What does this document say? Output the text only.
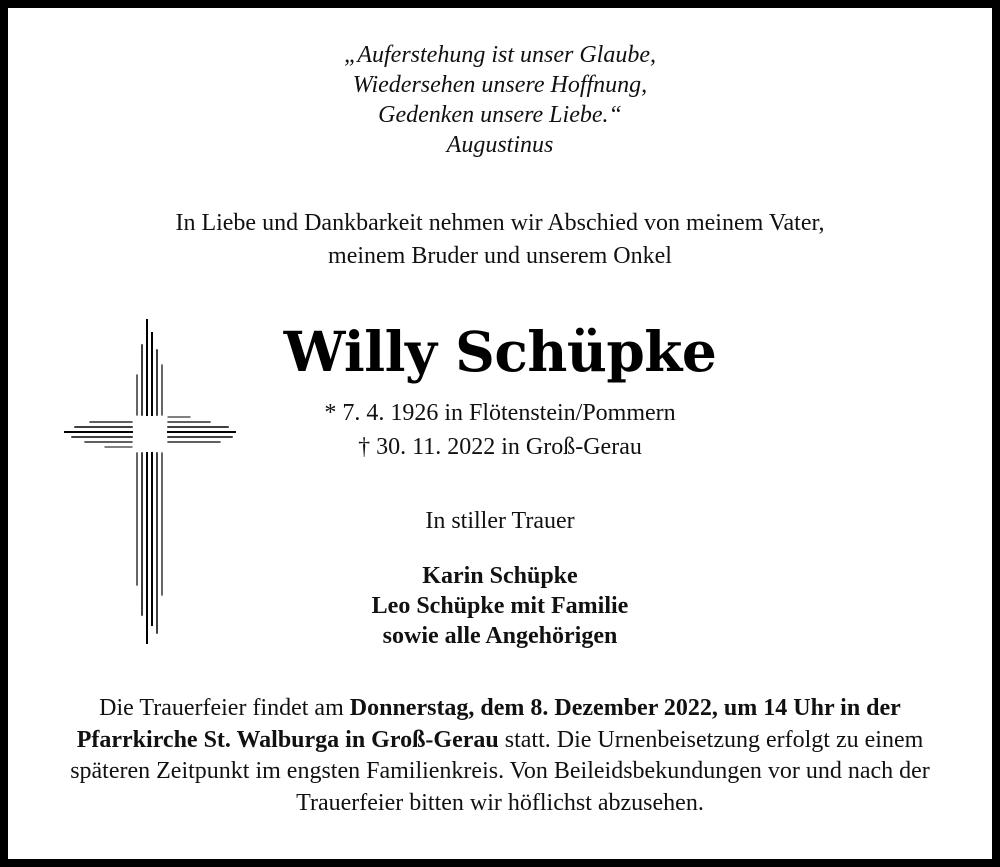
„Auferstehung ist unser Glaube,
Wiedersehen unsere Hoffnung,
Gedenken unsere Liebe.“
Augustinus
In Liebe und Dankbarkeit nehmen wir Abschied von meinem Vater,
meinem Bruder und unserem Onkel
Willy Schüpke
* 7. 4. 1926 in Flötenstein/Pommern
† 30. 11. 2022 in Groß-Gerau
In stiller Trauer
Karin Schüpke
Leo Schüpke mit Familie
sowie alle Angehörigen
Die Trauerfeier findet am Donnerstag, dem 8. Dezember 2022, um 14 Uhr in der Pfarrkirche St. Walburga in Groß-Gerau statt. Die Urnenbeisetzung erfolgt zu einem späteren Zeitpunkt im engsten Familienkreis. Von Beileidsbekundungen vor und nach der Trauerfeier bitten wir höflichst abzusehen.
